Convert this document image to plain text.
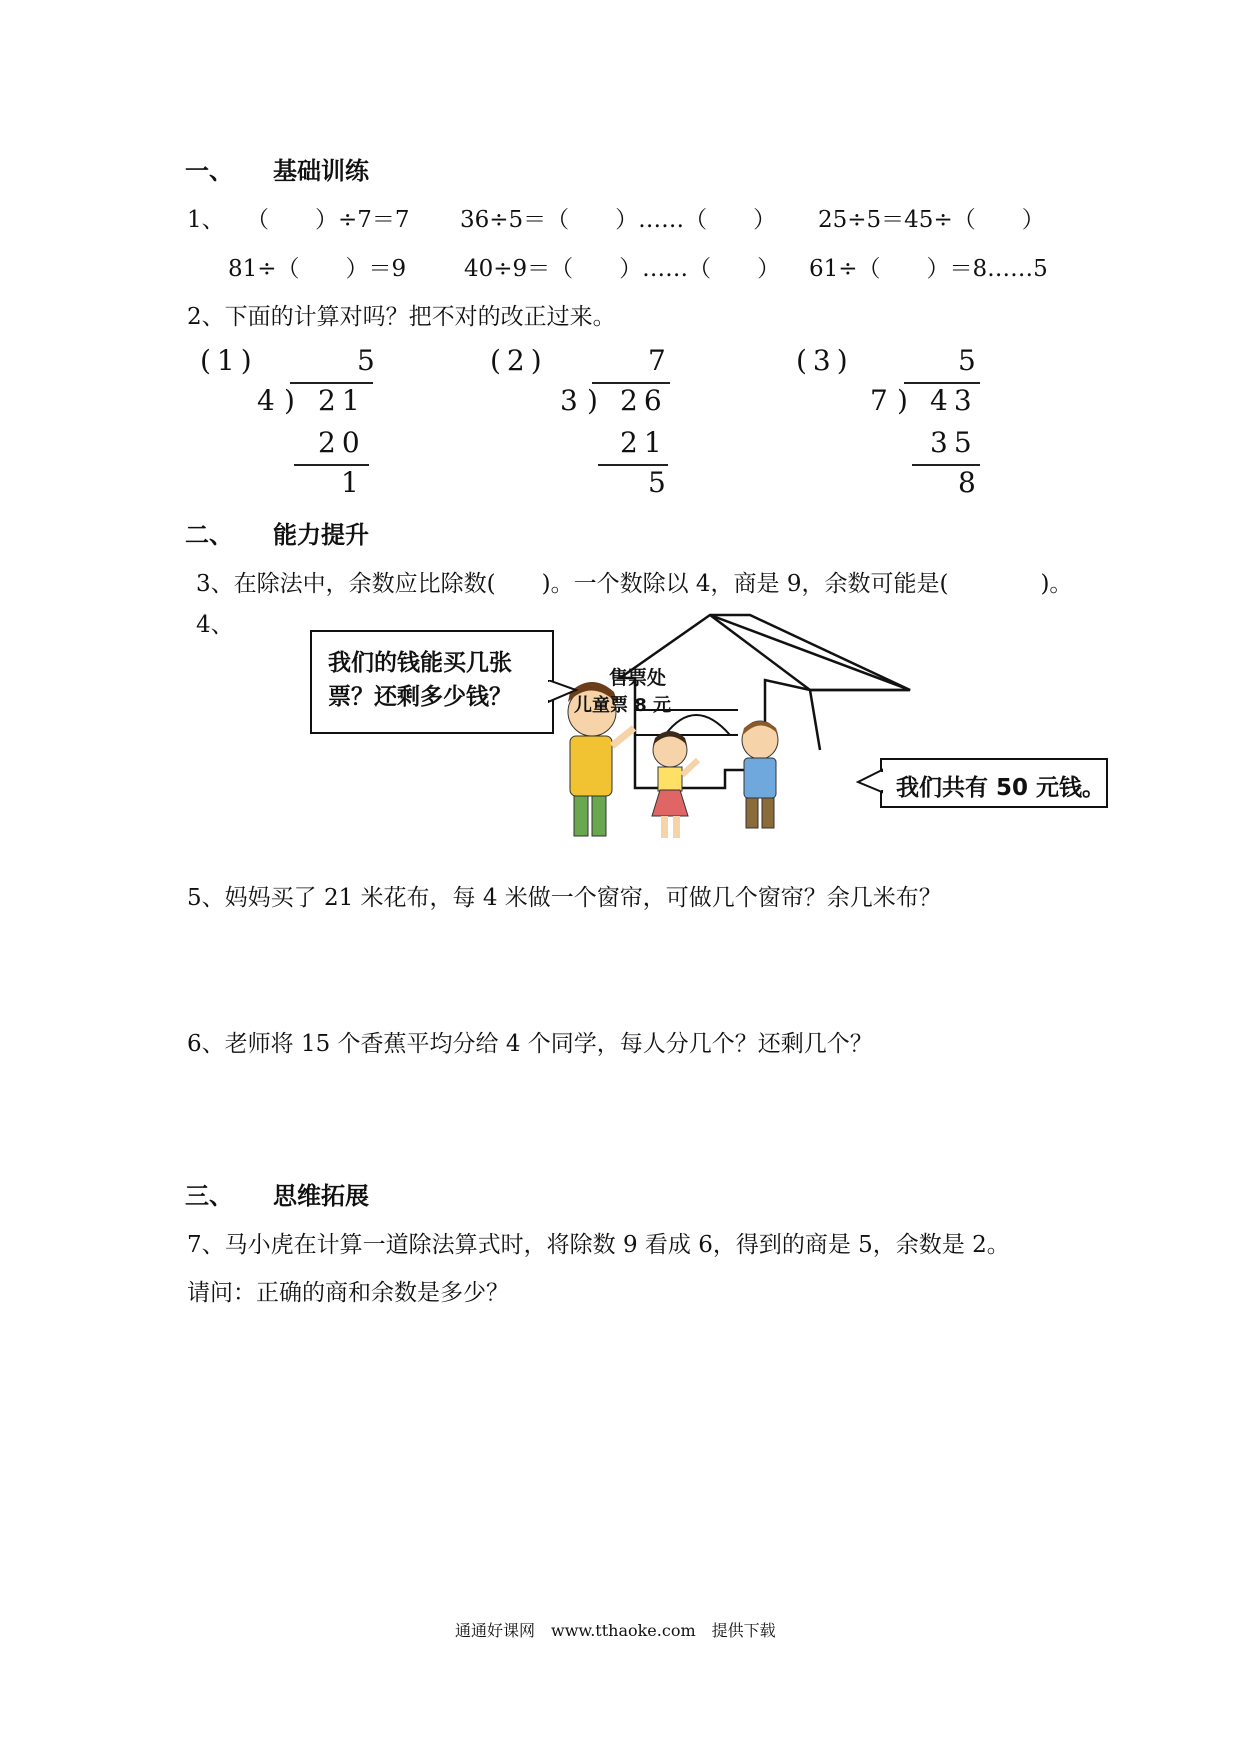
一、 基础训练
1、 （　　）÷7＝7 36÷5＝（　　）……（　　） 25÷5＝45÷（　　）
81÷（　　）＝9	40÷9＝（　　）……（　　） 61÷（　　）＝8……5
2、下面的计算对吗？把不对的改正过来。
(1)	5
4 ) 21
20
1
(2)	7
3 ) 26
21
5
(3)	5
7 ) 43
35
8
二、 能力提升
3、在除法中，余数应比除数(　　)。一个数除以 4，商是 9，余数可能是(　　　　)。
4、
售票处
儿童票 8 元
我们的钱能买几张
票？还剩多少钱？
我们共有 50 元钱。
5、妈妈买了 21 米花布，每 4 米做一个窗帘，可做几个窗帘？余几米布？
6、老师将 15 个香蕉平均分给 4 个同学，每人分几个？还剩几个？
三、 思维拓展
7、马小虎在计算一道除法算式时，将除数 9 看成 6，得到的商是 5，余数是 2。
请问：正确的商和余数是多少？
通通好课网　www.tthaoke.com　提供下载
